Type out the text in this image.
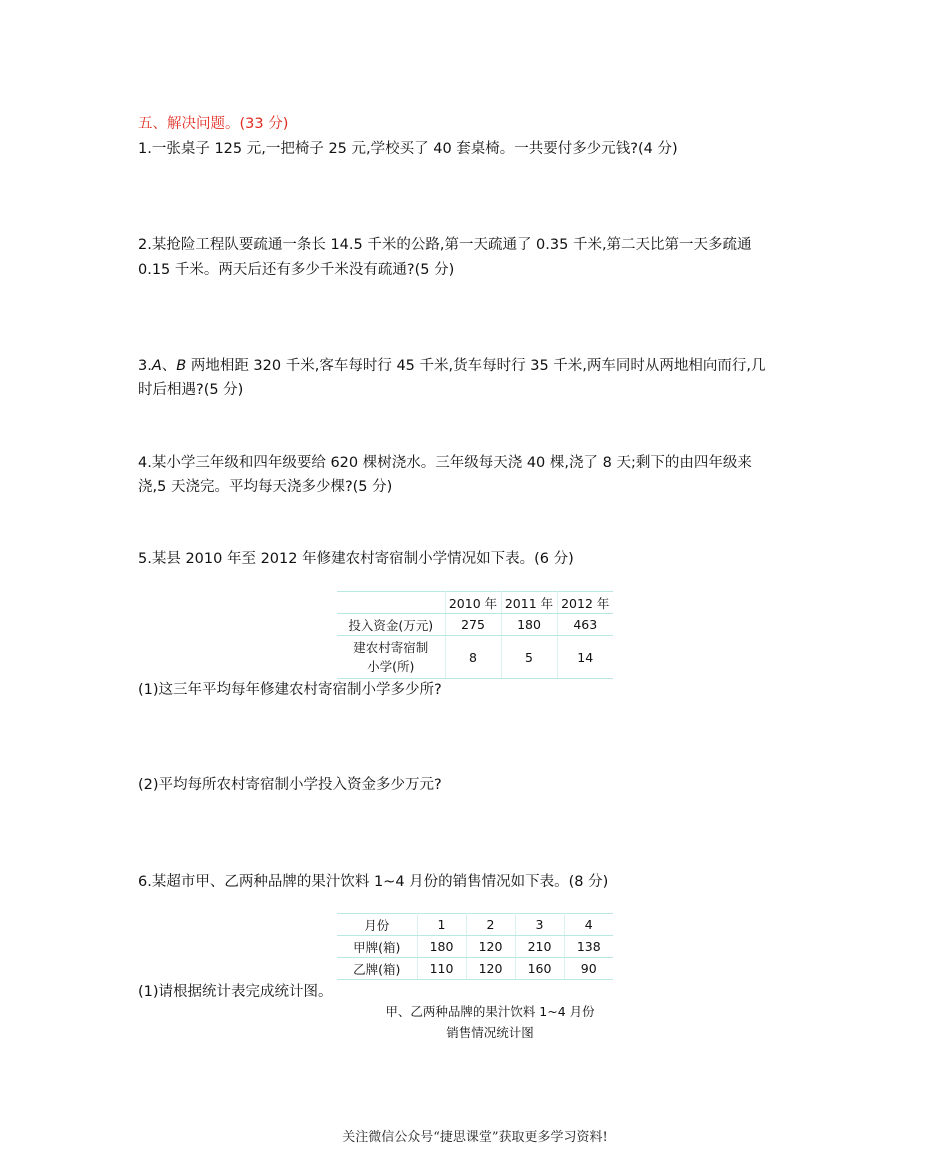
五、解决问题。(33 分)
1.一张桌子 125 元,一把椅子 25 元,学校买了 40 套桌椅。一共要付多少元钱?(4 分)
2.某抢险工程队要疏通一条长 14.5 千米的公路,第一天疏通了 0.35 千米,第二天比第一天多疏通
0.15 千米。两天后还有多少千米没有疏通?(5 分)
3.A、B 两地相距 320 千米,客车每时行 45 千米,货车每时行 35 千米,两车同时从两地相向而行,几
时后相遇?(5 分)
4.某小学三年级和四年级要给 620 棵树浇水。三年级每天浇 40 棵,浇了 8 天;剩下的由四年级来
浇,5 天浇完。平均每天浇多少棵?(5 分)
5.某县 2010 年至 2012 年修建农村寄宿制小学情况如下表。(6 分)
	2010 年	2011 年	2012 年
投入资金(万元)	275	180	463

建农村寄宿制
小学(所)	8	5	14
(1)这三年平均每年修建农村寄宿制小学多少所?
(2)平均每所农村寄宿制小学投入资金多少万元?
6.某超市甲、乙两种品牌的果汁饮料 1~4 月份的销售情况如下表。(8 分)
月份	1	2	3	4
甲牌(箱)	180	120	210	138
乙牌(箱)	110	120	160	90
(1)请根据统计表完成统计图。
甲、乙两种品牌的果汁饮料 1~4 月份
销售情况统计图
关注微信公众号“捷思课堂”获取更多学习资料!
